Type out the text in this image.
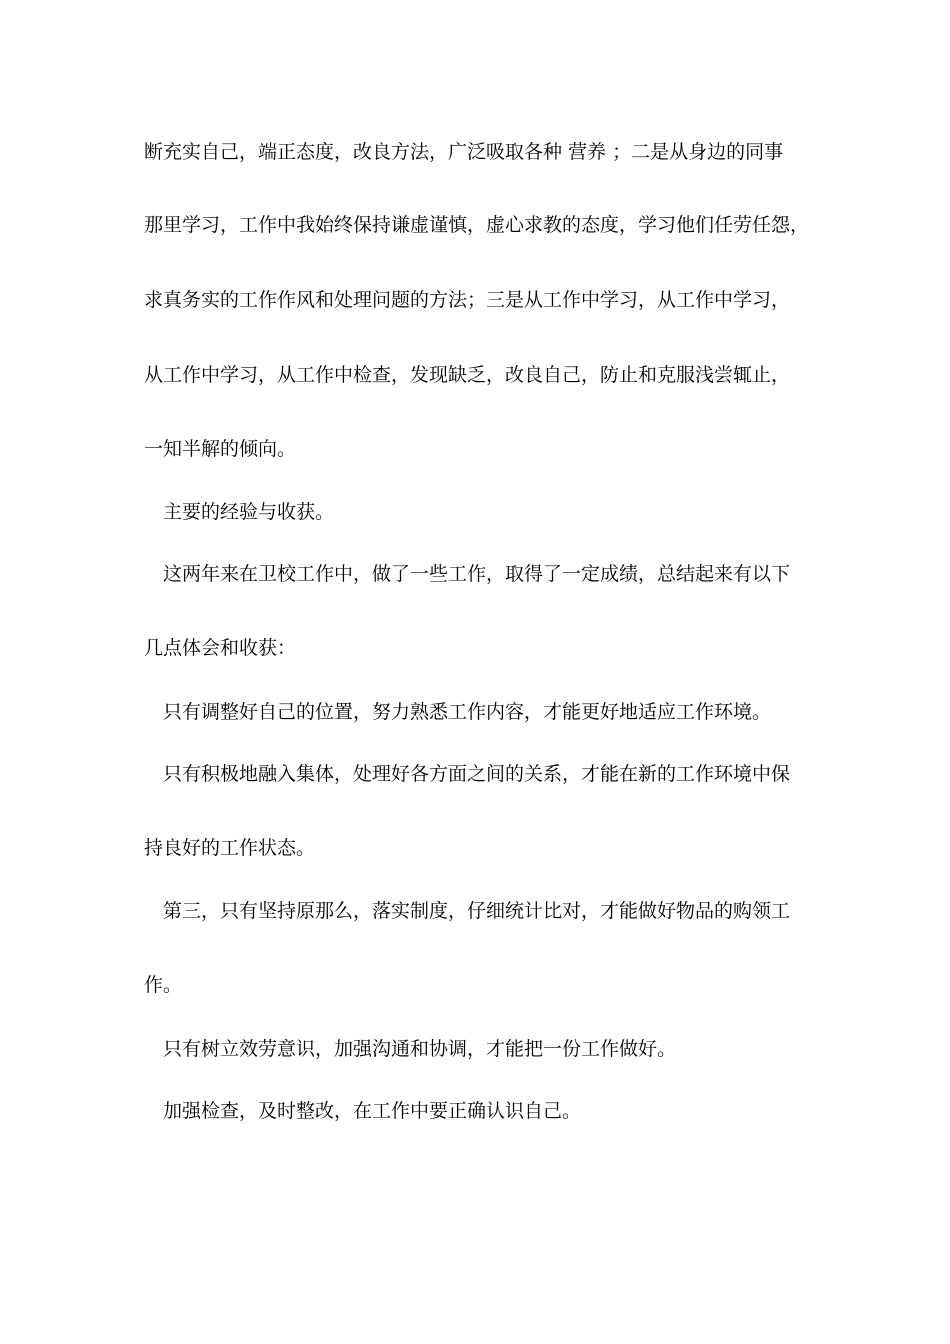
断充实自己，端正态度，改良方法，广泛吸取各种 营养 ；二是从身边的同事
那里学习，工作中我始终保持谦虚谨慎，虚心求教的态度，学习他们任劳任怨，
求真务实的工作作风和处理问题的方法；三是从工作中学习，从工作中学习，
从工作中学习，从工作中检查，发现缺乏，改良自己，防止和克服浅尝辄止，
一知半解的倾向。
主要的经验与收获。
这两年来在卫校工作中，做了一些工作，取得了一定成绩，总结起来有以下
几点体会和收获：
只有调整好自己的位置，努力熟悉工作内容，才能更好地适应工作环境。
只有积极地融入集体，处理好各方面之间的关系，才能在新的工作环境中保
持良好的工作状态。
第三，只有坚持原那么，落实制度，仔细统计比对，才能做好物品的购领工
作。
只有树立效劳意识，加强沟通和协调，才能把一份工作做好。
加强检查，及时整改，在工作中要正确认识自己。
